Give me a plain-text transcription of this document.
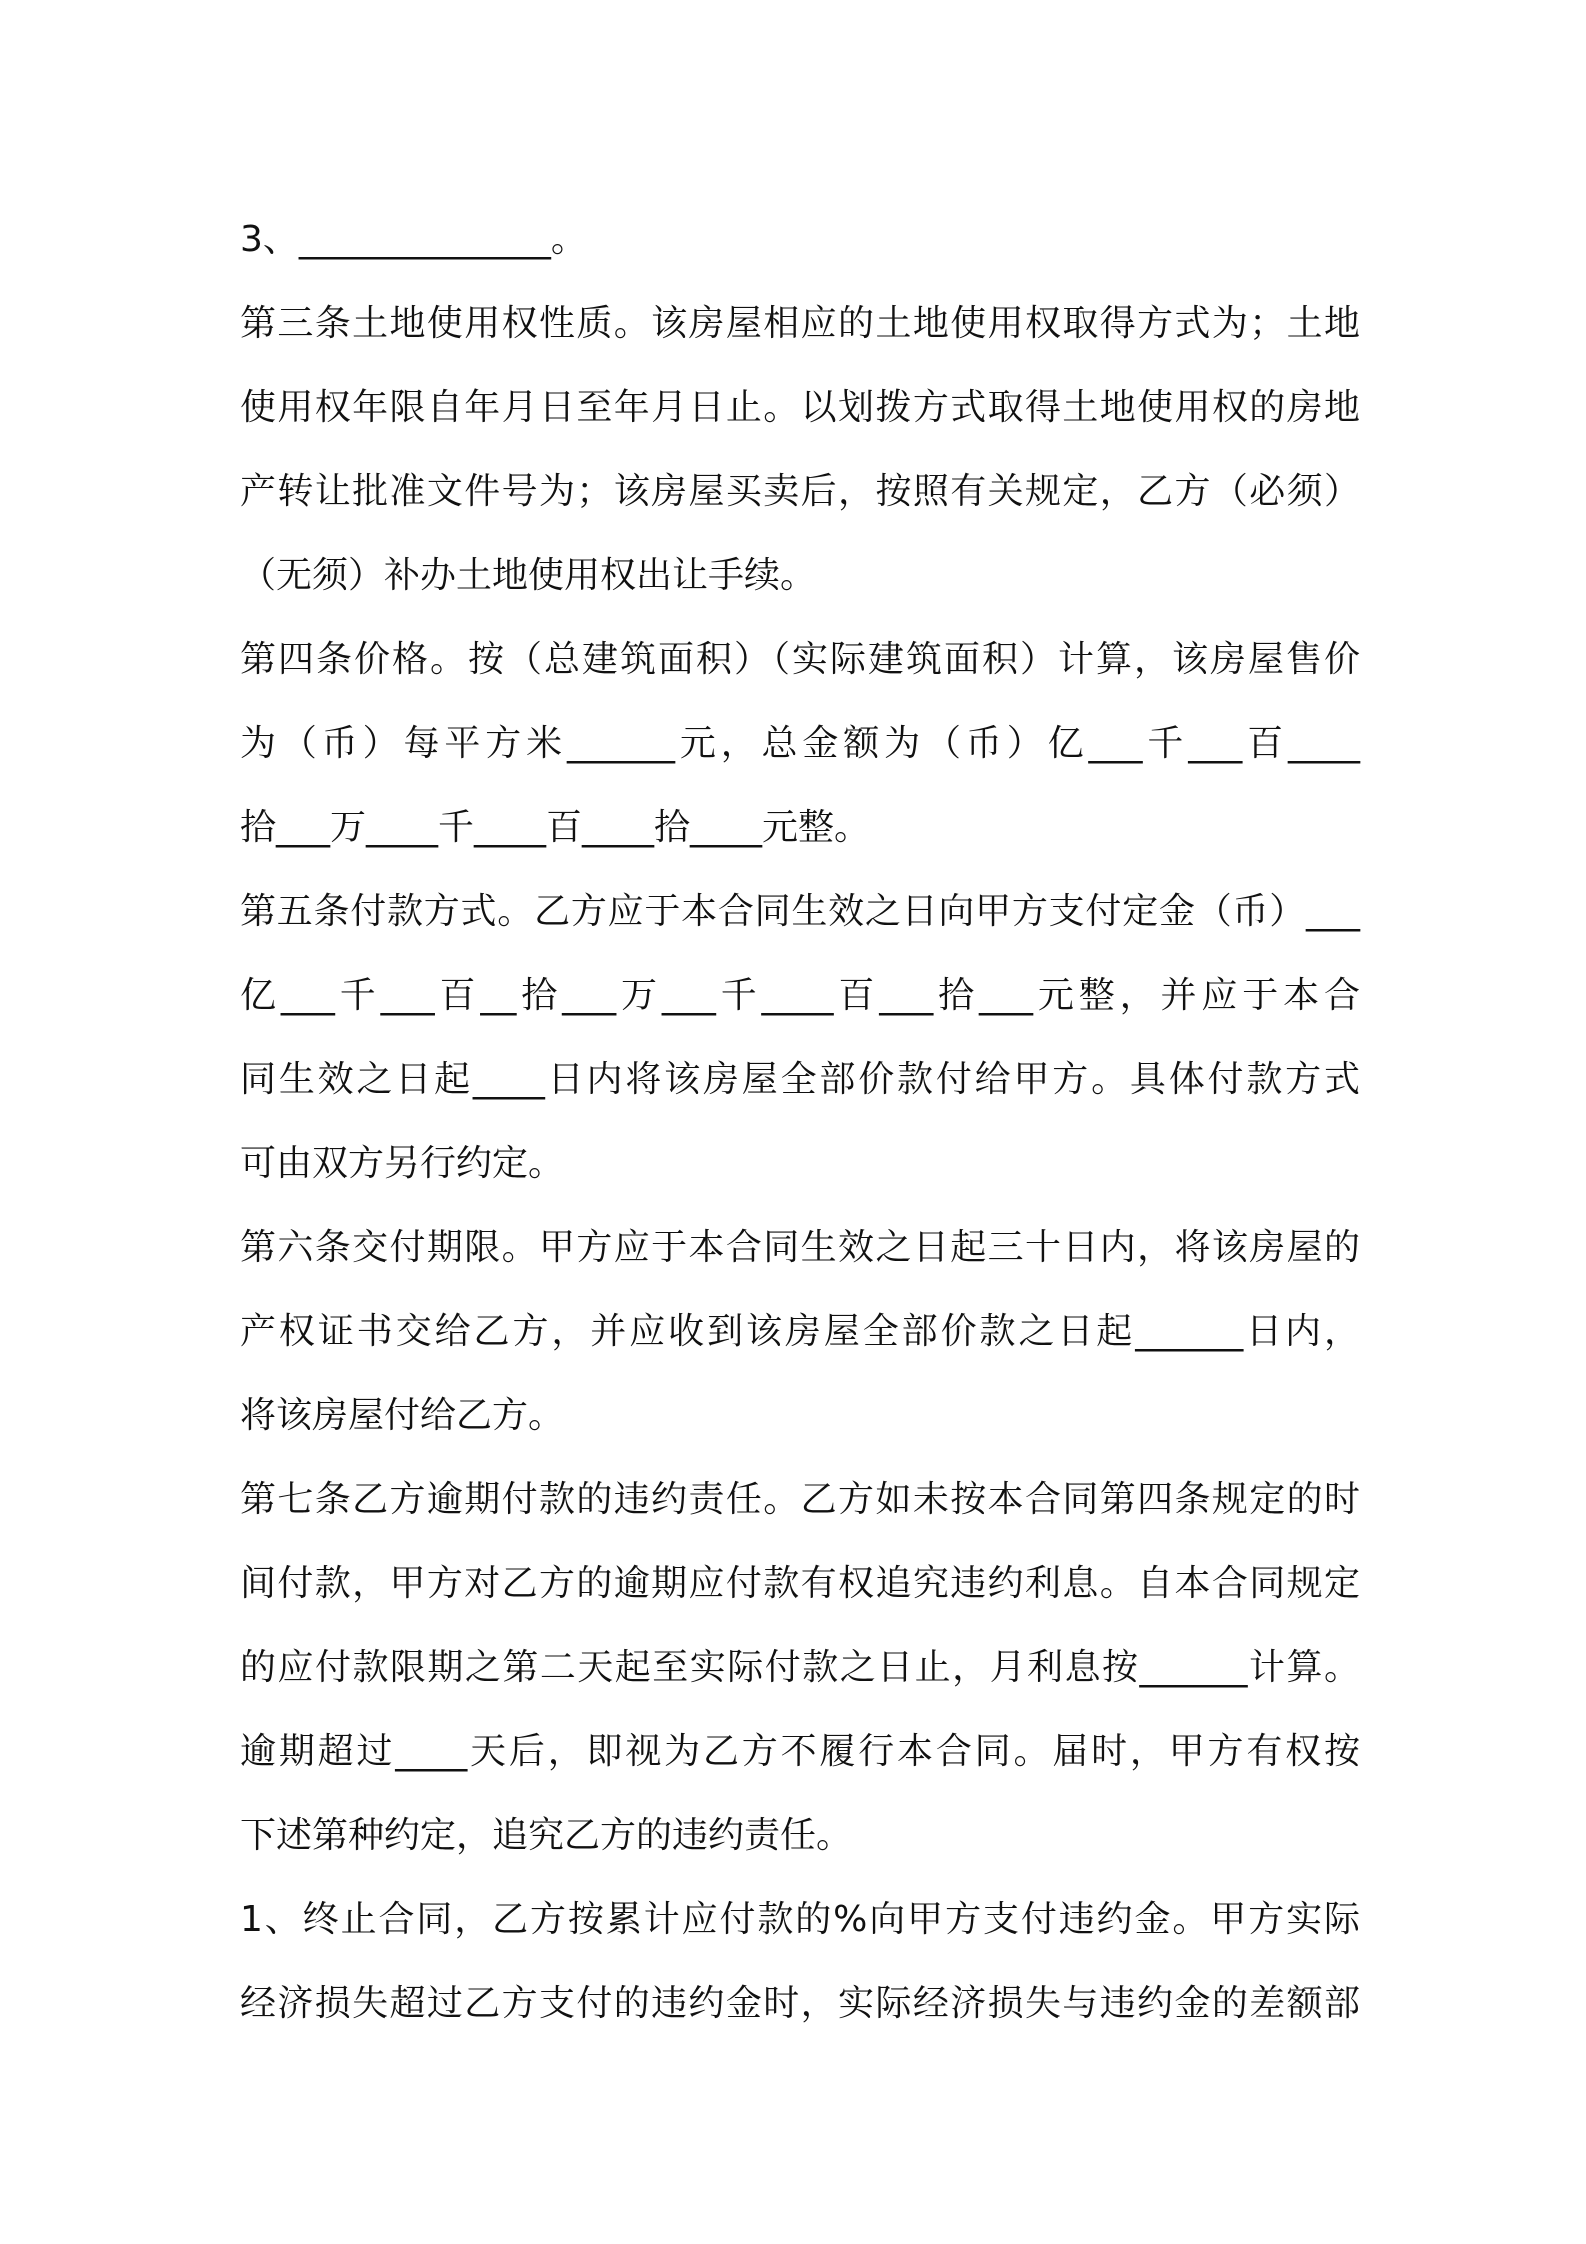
3、______________。
第三条土地使用权性质。该房屋相应的土地使用权取得方式为；土地
使用权年限自年月日至年月日止。以划拨方式取得土地使用权的房地
产转让批准文件号为；该房屋买卖后，按照有关规定，乙方（必须）
（无须）补办土地使用权出让手续。
第四条价格。按（总建筑面积）（实际建筑面积）计算，该房屋售价
为（币）每平方米______元，总金额为（币）亿___千___百____
拾___万____千____百____拾____元整。
第五条付款方式。乙方应于本合同生效之日向甲方支付定金（币）___
亿___千___百__拾___万___千____百___拾___元整，并应于本合
同生效之日起____日内将该房屋全部价款付给甲方。具体付款方式
可由双方另行约定。
第六条交付期限。甲方应于本合同生效之日起三十日内，将该房屋的
产权证书交给乙方，并应收到该房屋全部价款之日起______日内，
将该房屋付给乙方。
第七条乙方逾期付款的违约责任。乙方如未按本合同第四条规定的时
间付款，甲方对乙方的逾期应付款有权追究违约利息。自本合同规定
的应付款限期之第二天起至实际付款之日止，月利息按______计算。
逾期超过____天后，即视为乙方不履行本合同。届时，甲方有权按
下述第种约定，追究乙方的违约责任。
1、终止合同，乙方按累计应付款的%向甲方支付违约金。甲方实际
经济损失超过乙方支付的违约金时，实际经济损失与违约金的差额部
